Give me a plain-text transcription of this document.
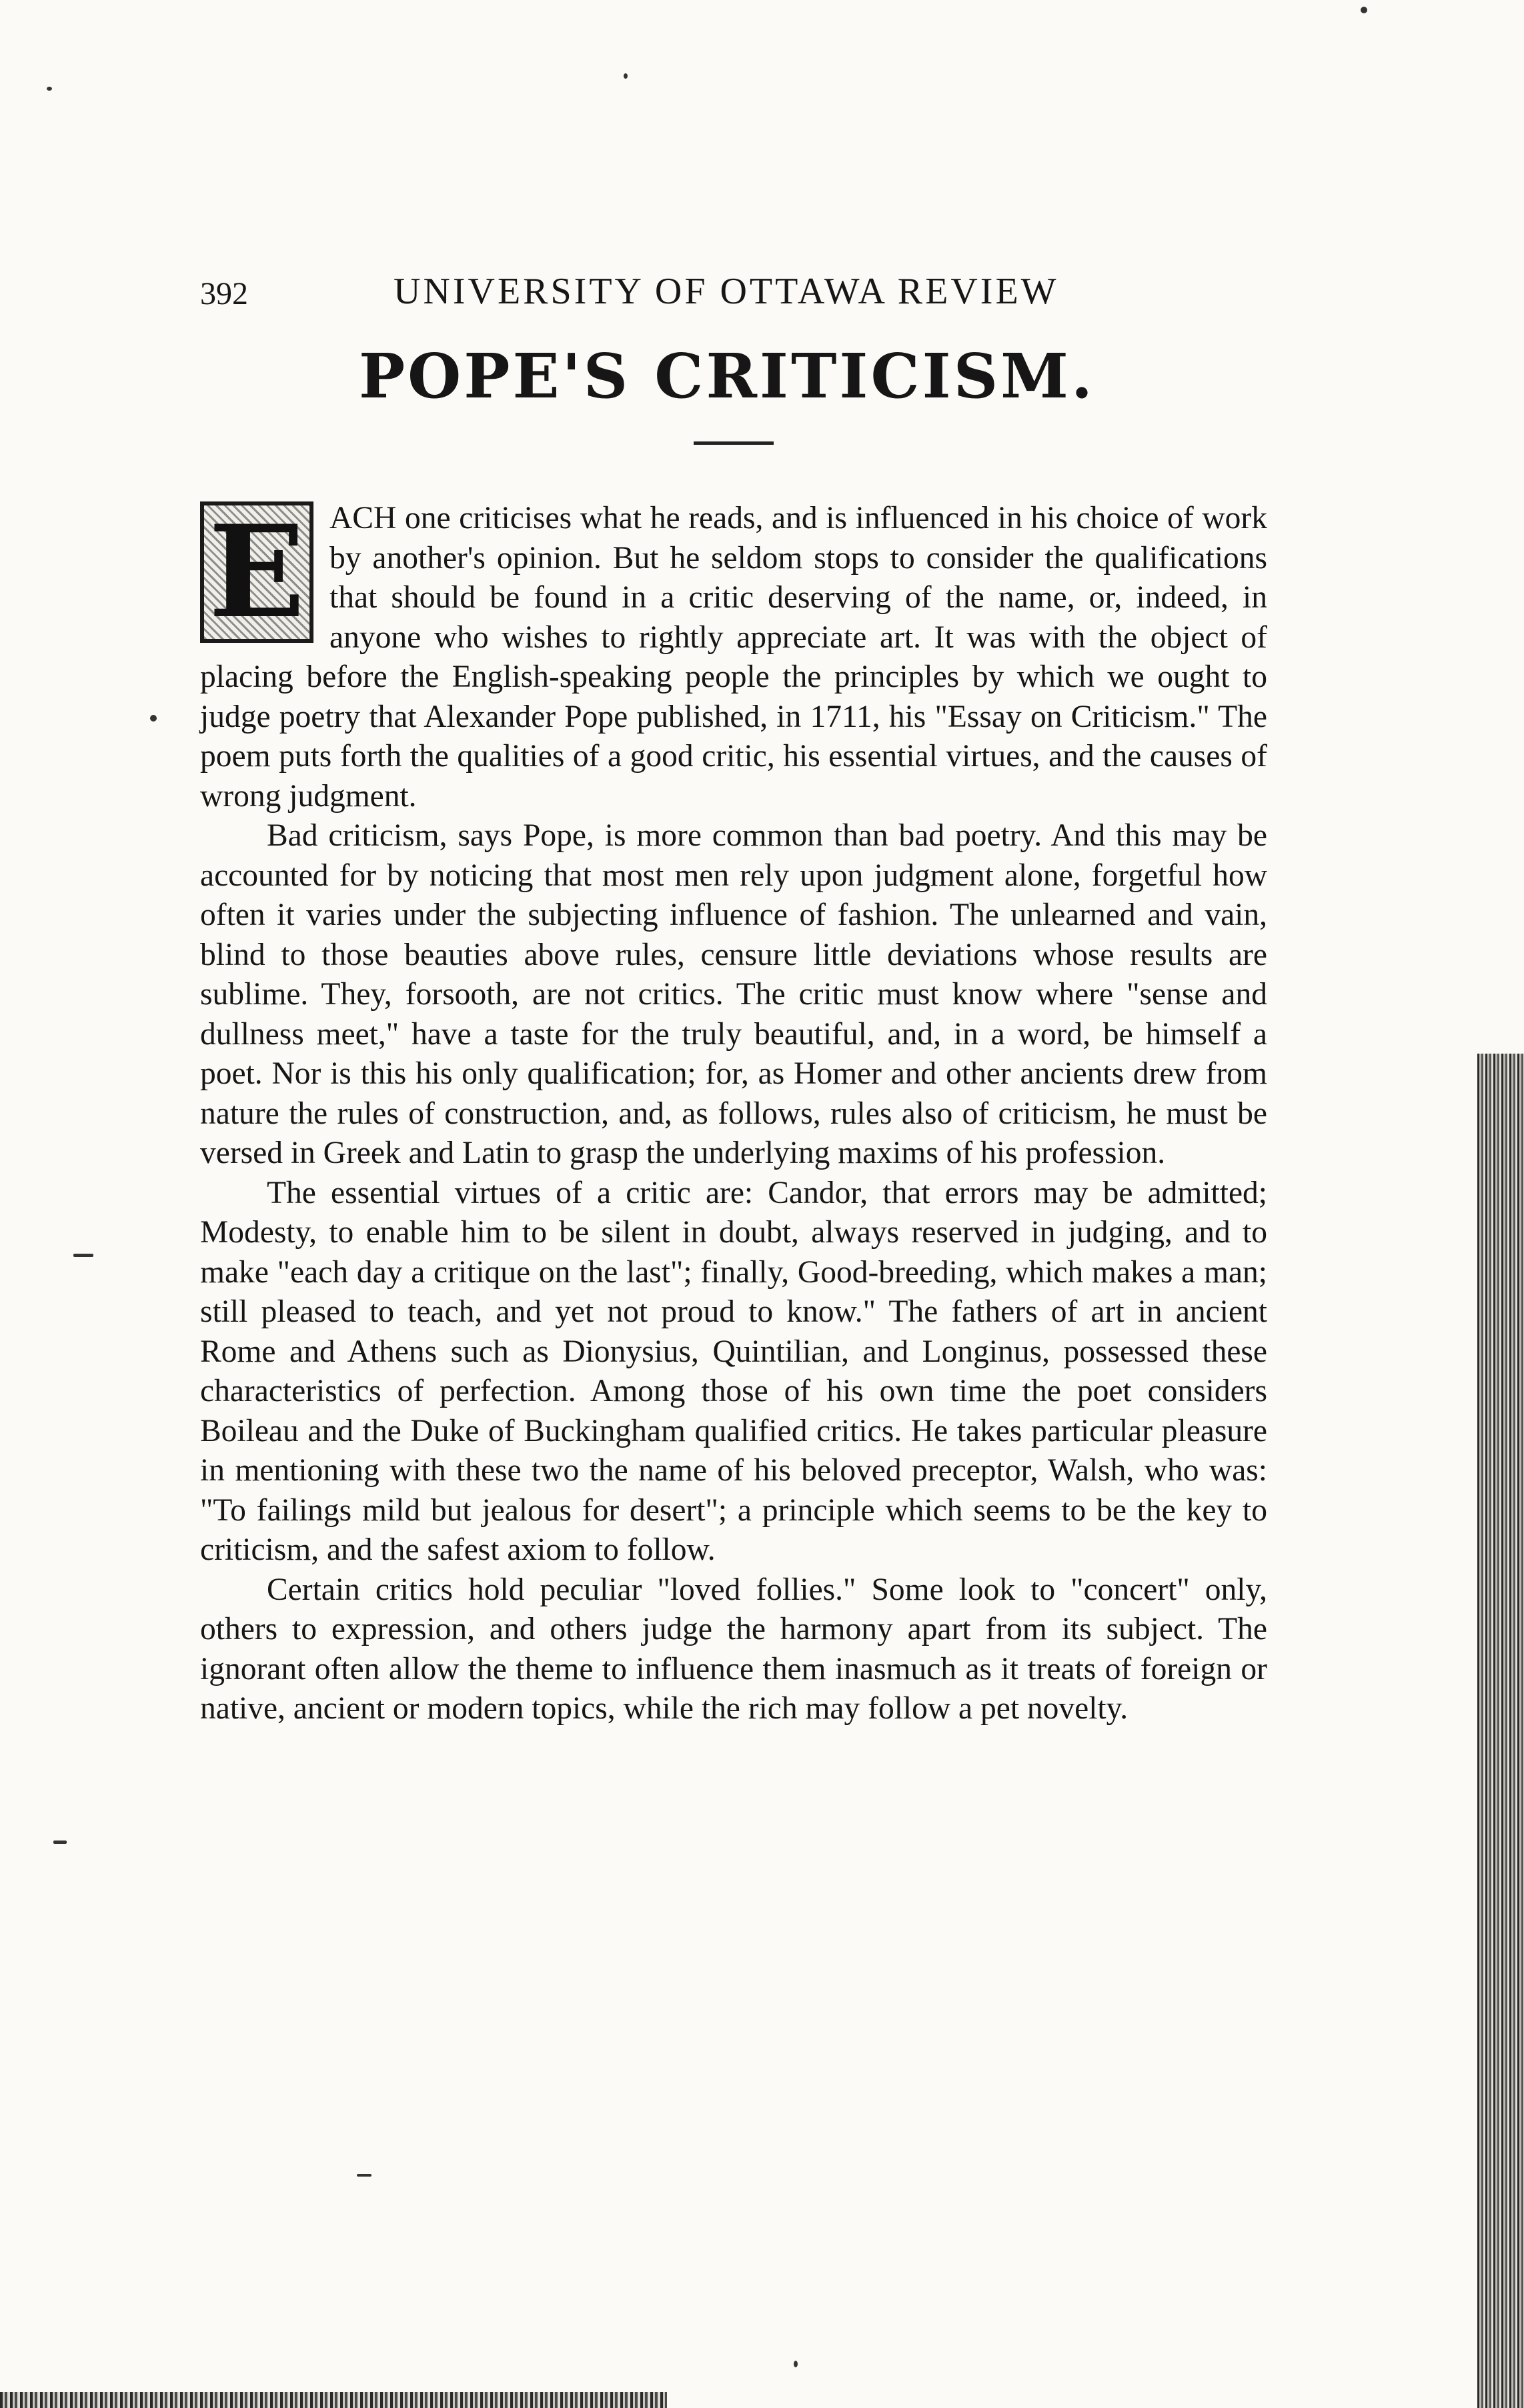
392	UNIVERSITY OF OTTAWA REVIEW
POPE'S CRITICISM.

E ACH one criticises what he reads, and is influenced in his choice of work by another's opinion. But he seldom stops to consider the qualifications that should be found in a critic deserving of the name, or, indeed, in anyone who wishes to rightly appreciate art. It was with the object of placing before the English-speaking people the principles by which we ought to judge poetry that Alexander Pope published, in 1711, his "Essay on Criticism." The poem puts forth the qualities of a good critic, his essential virtues, and the causes of wrong judgment.

Bad criticism, says Pope, is more common than bad poetry. And this may be accounted for by noticing that most men rely upon judgment alone, forgetful how often it varies under the subjecting influence of fashion. The unlearned and vain, blind to those beauties above rules, censure little deviations whose results are sublime. They, forsooth, are not critics. The critic must know where "sense and dullness meet," have a taste for the truly beautiful, and, in a word, be himself a poet. Nor is this his only qualification; for, as Homer and other ancients drew from nature the rules of construction, and, as follows, rules also of criticism, he must be versed in Greek and Latin to grasp the underlying maxims of his profession.

The essential virtues of a critic are: Candor, that errors may be admitted; Modesty, to enable him to be silent in doubt, always reserved in judging, and to make "each day a critique on the last"; finally, Good-breeding, which makes a man; still pleased to teach, and yet not proud to know." The fathers of art in ancient Rome and Athens such as Dionysius, Quintilian, and Longinus, possessed these characteristics of perfection. Among those of his own time the poet considers Boileau and the Duke of Buckingham qualified critics. He takes particular pleasure in mentioning with these two the name of his beloved preceptor, Walsh, who was: "To failings mild but jealous for desert"; a principle which seems to be the key to criticism, and the safest axiom to follow.

Certain critics hold peculiar "loved follies." Some look to "concert" only, others to expression, and others judge the harmony apart from its subject. The ignorant often allow the theme to influence them inasmuch as it treats of foreign or native, ancient or modern topics, while the rich may follow a pet novelty.
